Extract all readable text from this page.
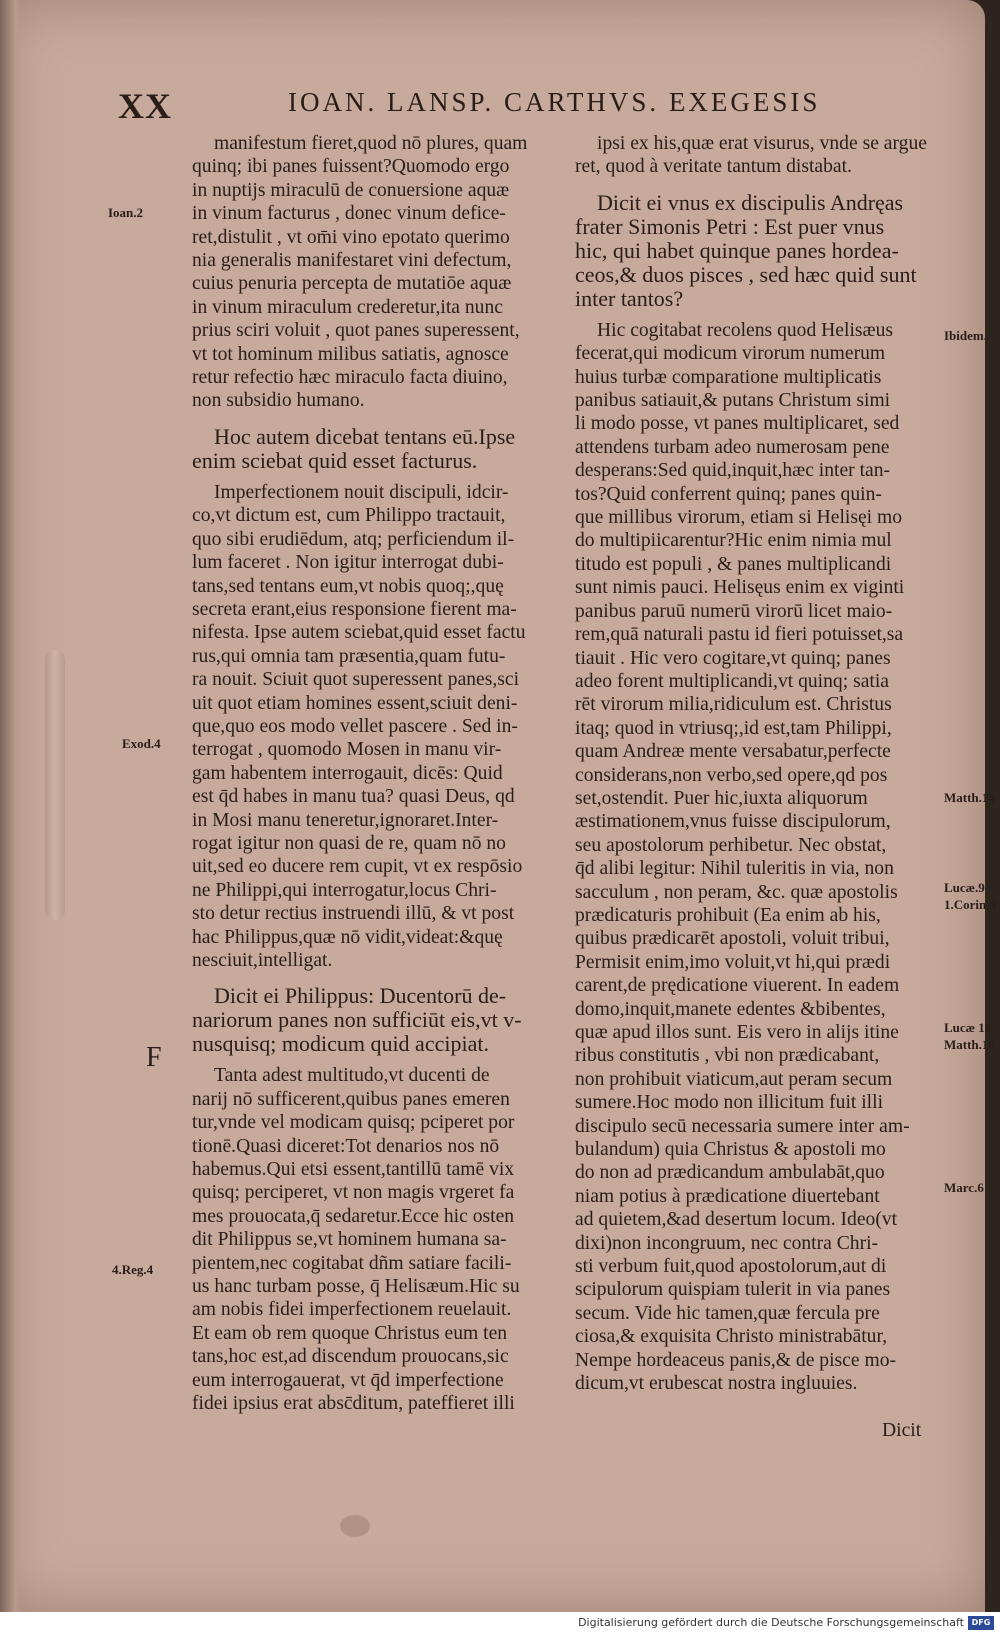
XX	IOAN. LANSP. CARTHVS. EXEGESIS

manifestum fieret,quod nō plures, quam
quinq; ibi panes fuissent?Quomodo ergo
in nuptijs miraculū de conuersione aquæ
in vinum facturus , donec vinum defice-
ret,distulit , vt om̄i vino epotato querimo
nia generalis manifestaret vini defectum,
cuius penuria percepta de mutatiōe aquæ
in vinum miraculum crederetur,ita nunc
prius sciri voluit , quot panes superessent,
vt tot hominum milibus satiatis, agnosce
retur refectio hæc miraculo facta diuino,
non subsidio humano.

Hoc autem dicebat tentans eū.Ipse
enim sciebat quid esset facturus.

Imperfectionem nouit discipuli, idcir-
co,vt dictum est, cum Philippo tractauit,
quo sibi erudiēdum, atq; perficiendum il-
lum faceret . Non igitur interrogat dubi-
tans,sed tentans eum,vt nobis quoq;,quę
secreta erant,eius responsione fierent ma-
nifesta. Ipse autem sciebat,quid esset factu
rus,qui omnia tam præsentia,quam futu-
ra nouit. Sciuit quot superessent panes,sci
uit quot etiam homines essent,sciuit deni-
que,quo eos modo vellet pascere . Sed in-
terrogat , quomodo Mosen in manu vir-
gam habentem interrogauit, dicēs: Quid
est q̄d habes in manu tua? quasi Deus, qd
in Mosi manu teneretur,ignoraret.Inter-
rogat igitur non quasi de re, quam nō no
uit,sed eo ducere rem cupit, vt ex respōsio
ne Philippi,qui interrogatur,locus Chri-
sto detur rectius instruendi illū, & vt post
hac Philippus,quæ nō vidit,videat:&quę
nesciuit,intelligat.

Dicit ei Philippus: Ducentorū de-
nariorum panes non sufficiūt eis,vt v-
nusquisq; modicum quid accipiat.

Tanta adest multitudo,vt ducenti de
narij nō sufficerent,quibus panes emeren
tur,vnde vel modicam quisq; pciperet por
tionē.Quasi diceret:Tot denarios nos nō
habemus.Qui etsi essent,tantillū tamē vix
quisq; perciperet, vt non magis vrgeret fa
mes prouocata,q̄ sedaretur.Ecce hic osten
dit Philippus se,vt hominem humana sa-
pientem,nec cogitabat dñm satiare facili-
us hanc turbam posse, q̄ Helisæum.Hic su
am nobis fidei imperfectionem reuelauit.
Et eam ob rem quoque Christus eum ten
tans,hoc est,ad discendum prouocans,sic
eum interrogauerat, vt q̄d imperfectione
fidei ipsius erat absc̄ditum, pateffieret illi

ipsi ex his,quæ erat visurus, vnde se argue
ret, quod à veritate tantum distabat.

Dicit ei vnus ex discipulis Andręas
frater Simonis Petri : Est puer vnus
hic, qui habet quinque panes hordea-
ceos,& duos pisces , sed hæc quid sunt
inter tantos?

Hic cogitabat recolens quod Helisæus
fecerat,qui modicum virorum numerum
huius turbæ comparatione multiplicatis
panibus satiauit,& putans Christum simi
li modo posse, vt panes multiplicaret, sed
attendens turbam adeo numerosam pene
desperans:Sed quid,inquit,hæc inter tan-
tos?Quid conferrent quinq; panes quin-
que millibus virorum, etiam si Helisęi mo
do multipiicarentur?Hic enim nimia mul
titudo est populi , & panes multiplicandi
sunt nimis pauci. Helisęus enim ex viginti
panibus paruū numerū virorū licet maio-
rem,quā naturali pastu id fieri potuisset,sa
tiauit . Hic vero cogitare,vt quinq; panes
adeo forent multiplicandi,vt quinq; satia
rēt virorum milia,ridiculum est. Christus
itaq; quod in vtriusq;,id est,tam Philippi,
quam Andreæ mente versabatur,perfecte
considerans,non verbo,sed opere,qd pos
set,ostendit. Puer hic,iuxta aliquorum
æstimationem,vnus fuisse discipulorum,
seu apostolorum perhibetur. Nec obstat,
q̄d alibi legitur: Nihil tuleritis in via, non
sacculum , non peram, &c. quæ apostolis
prædicaturis prohibuit (Ea enim ab his,
quibus prædicarēt apostoli, voluit tribui,
Permisit enim,imo voluit,vt hi,qui prædi
carent,de prędicatione viuerent. In eadem
domo,inquit,manete edentes &bibentes,
quæ apud illos sunt. Eis vero in alijs itine
ribus constitutis , vbi non prædicabant,
non prohibuit viaticum,aut peram secum
sumere.Hoc modo non illicitum fuit illi
discipulo secū necessaria sumere inter am-
bulandum) quia Christus & apostoli mo
do non ad prædicandum ambulabāt,quo
niam potius à prædicatione diuertebant
ad quietem,&ad desertum locum. Ideo(vt
dixi)non incongruum, nec contra Chri-
sti verbum fuit,quod apostolorum,aut di
scipulorum quispiam tulerit in via panes
secum. Vide hic tamen,quæ fercula pre
ciosa,& exquisita Christo ministrabātur,
Nempe hordeaceus panis,& de pisce mo-
dicum,vt erubescat nostra ingluuies.

Ioan.2
Exod.4
4.Reg.4
F
Ibidem.
Matth.14
Lucæ.9
1.Corin.9
Lucæ 10
Matth.10
Marc.6
Dicit
Digitalisierung gefördert durch die Deutsche Forschungsgemeinschaft DFG
